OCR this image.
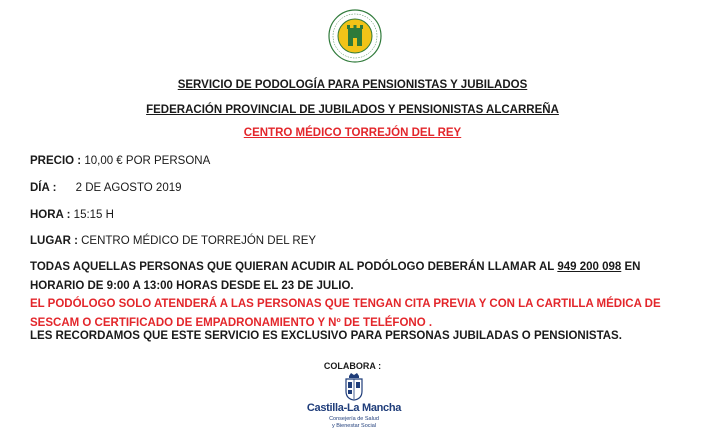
SERVICIO DE PODOLOGÍA PARA PENSIONISTAS Y JUBILADOS
FEDERACIÓN PROVINCIAL DE JUBILADOS Y PENSIONISTAS ALCARREÑA
CENTRO MÉDICO TORREJÓN DEL REY
PRECIO : 10,00 € POR PERSONA
DÍA : 2 DE AGOSTO 2019
HORA : 15:15 H
LUGAR : CENTRO MÉDICO DE TORREJÓN DEL REY
TODAS AQUELLAS PERSONAS QUE QUIERAN ACUDIR AL PODÓLOGO DEBERÁN LLAMAR AL 949 200 098 EN HORARIO DE 9:00 A 13:00 HORAS DESDE EL 23 DE JULIO.
EL PODÓLOGO SOLO ATENDERÁ A LAS PERSONAS QUE TENGAN CITA PREVIA Y CON LA CARTILLA MÉDICA DE SESCAM O CERTIFICADO DE EMPADRONAMIENTO Y Nº DE TELÉFONO .
LES RECORDAMOS QUE ESTE SERVICIO ES EXCLUSIVO PARA PERSONAS JUBILADAS O PENSIONISTAS.
COLABORA :
Castilla-La Mancha
Consejería de Salud
y Bienestar Social
